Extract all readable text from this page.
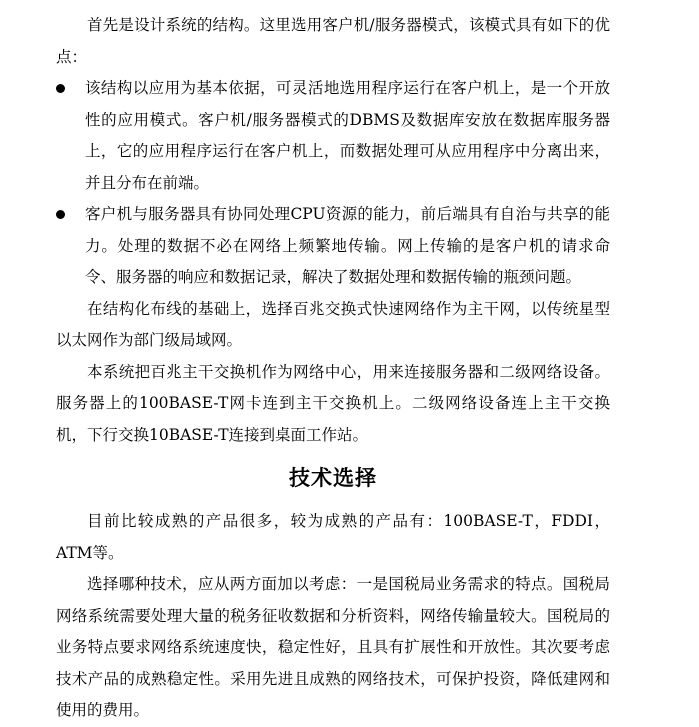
首先是设计系统的结构。这里选用客户机/服务器模式，该模式具有如下的优点：

该结构以应用为基本依据，可灵活地选用程序运行在客户机上，是一个开放性的应用模式。客户机/服务器模式的DBMS及数据库安放在数据库服务器上，它的应用程序运行在客户机上，而数据处理可从应用程序中分离出来，并且分布在前端。
客户机与服务器具有协同处理CPU资源的能力，前后端具有自治与共享的能力。处理的数据不必在网络上频繁地传输。网上传输的是客户机的请求命令、服务器的响应和数据记录，解决了数据处理和数据传输的瓶颈问题。

在结构化布线的基础上，选择百兆交换式快速网络作为主干网，以传统星型以太网作为部门级局域网。

本系统把百兆主干交换机作为网络中心，用来连接服务器和二级网络设备。服务器上的100BASE-T网卡连到主干交换机上。二级网络设备连上主干交换机，下行交换10BASE-T连接到桌面工作站。

技术选择

目前比较成熟的产品很多，较为成熟的产品有：100BASE-T，FDDI，ATM等。

选择哪种技术，应从两方面加以考虑：一是国税局业务需求的特点。国税局网络系统需要处理大量的税务征收数据和分析资料，网络传输量较大。国税局的业务特点要求网络系统速度快，稳定性好，且具有扩展性和开放性。其次要考虑技术产品的成熟稳定性。采用先进且成熟的网络技术，可保护投资，降低建网和使用的费用。
